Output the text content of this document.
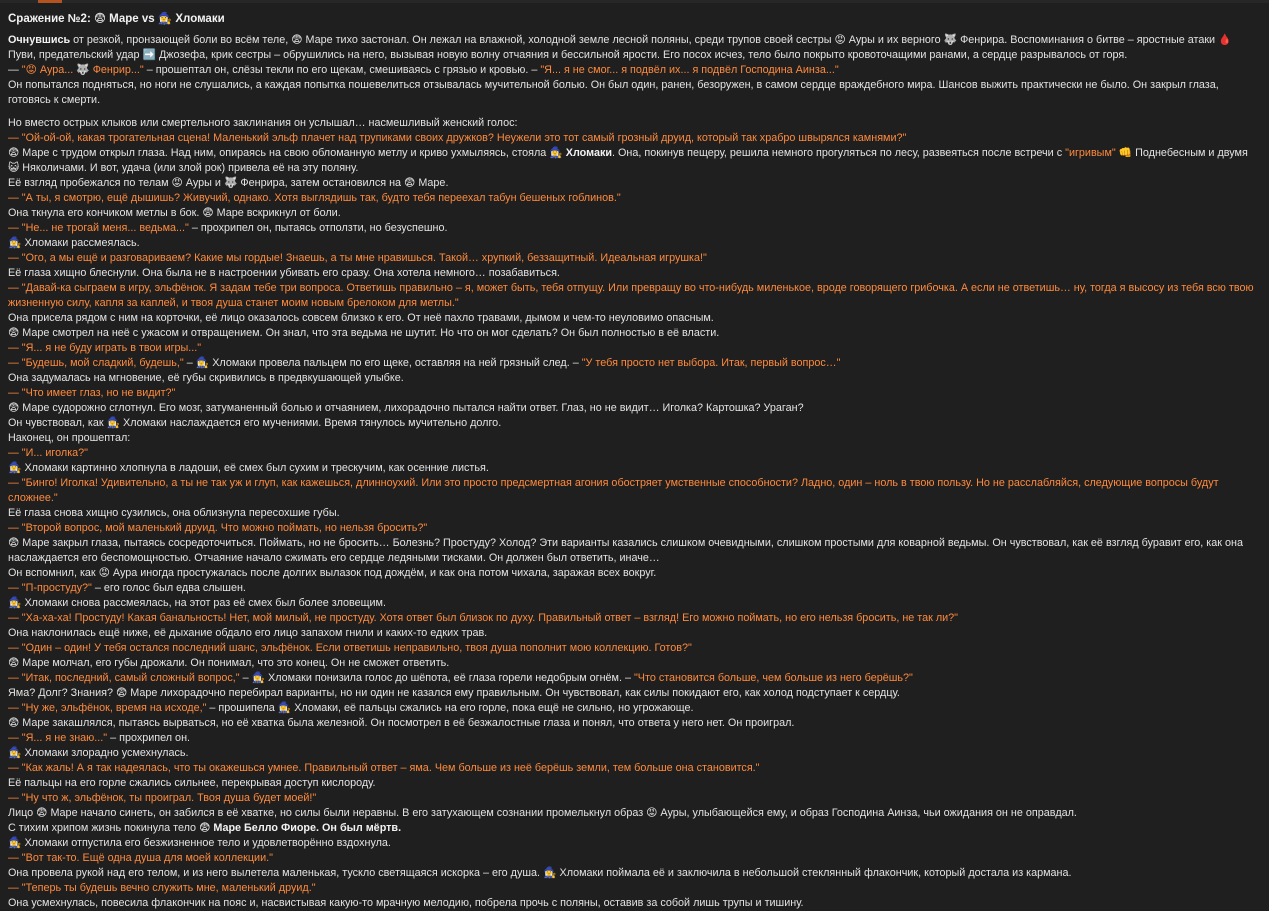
Сражение №2: 😨 Маре vs 🧙‍♀️ Хломаки

Очнувшись от резкой, пронзающей боли во всём теле, 😨 Маре тихо застонал. Он лежал на влажной, холодной земле лесной поляны, среди трупов своей сестры 😡 Ауры и их верного 🐺 Фенрира. Воспоминания о битве – яростные атаки 🩸 Пуви, предательский удар ➡️ Джозефа, крик сестры – обрушились на него, вызывая новую волну отчаяния и бессильной ярости. Его посох исчез, тело было покрыто кровоточащими ранами, а сердце разрывалось от горя.

— "😡 Аура... 🐺 Фенрир..." – прошептал он, слёзы текли по его щекам, смешиваясь с грязью и кровью. – "Я... я не смог... я подвёл их... я подвёл Господина Аинза..."

Он попытался подняться, но ноги не слушались, а каждая попытка пошевелиться отзывалась мучительной болью. Он был один, ранен, безоружен, в самом сердце враждебного мира. Шансов выжить практически не было. Он закрыл глаза, готовясь к смерти.

Но вместо острых клыков или смертельного заклинания он услышал… насмешливый женский голос:

— "Ой-ой-ой, какая трогательная сцена! Маленький эльф плачет над трупиками своих дружков? Неужели это тот самый грозный друид, который так храбро швырялся камнями?"

😨 Маре с трудом открыл глаза. Над ним, опираясь на свою обломанную метлу и криво ухмыляясь, стояла 🧙‍♀️ Хломаки. Она, покинув пещеру, решила немного прогуляться по лесу, развеяться после встречи с "игривым" 👊 Поднебесным и двумя 😺 Няколичами. И вот, удача (или злой рок) привела её на эту поляну.

Её взгляд пробежался по телам 😡 Ауры и 🐺 Фенрира, затем остановился на 😨 Маре.

— "А ты, я смотрю, ещё дышишь? Живучий, однако. Хотя выглядишь так, будто тебя переехал табун бешеных гоблинов."

Она ткнула его кончиком метлы в бок. 😨 Маре вскрикнул от боли.

— "Не... не трогай меня... ведьма..." – прохрипел он, пытаясь отползти, но безуспешно.

🧙‍♀️ Хломаки рассмеялась.

— "Ого, а мы ещё и разговариваем? Какие мы гордые! Знаешь, а ты мне нравишься. Такой… хрупкий, беззащитный. Идеальная игрушка!"

Её глаза хищно блеснули. Она была не в настроении убивать его сразу. Она хотела немного… позабавиться.

— "Давай-ка сыграем в игру, эльфёнок. Я задам тебе три вопроса. Ответишь правильно – я, может быть, тебя отпущу. Или превращу во что-нибудь миленькое, вроде говорящего грибочка. А если не ответишь… ну, тогда я высосу из тебя всю твою жизненную силу, капля за каплей, и твоя душа станет моим новым брелоком для метлы."

Она присела рядом с ним на корточки, её лицо оказалось совсем близко к его. От неё пахло травами, дымом и чем-то неуловимо опасным.

😨 Маре смотрел на неё с ужасом и отвращением. Он знал, что эта ведьма не шутит. Но что он мог сделать? Он был полностью в её власти.

— "Я... я не буду играть в твои игры..."

— "Будешь, мой сладкий, будешь," – 🧙‍♀️ Хломаки провела пальцем по его щеке, оставляя на ней грязный след. – "У тебя просто нет выбора. Итак, первый вопрос…"

Она задумалась на мгновение, её губы скривились в предвкушающей улыбке.

— "Что имеет глаз, но не видит?"

😨 Маре судорожно сглотнул. Его мозг, затуманенный болью и отчаянием, лихорадочно пытался найти ответ. Глаз, но не видит… Иголка? Картошка? Ураган?

Он чувствовал, как 🧙‍♀️ Хломаки наслаждается его мучениями. Время тянулось мучительно долго.

Наконец, он прошептал:

— "И... иголка?"

🧙‍♀️ Хломаки картинно хлопнула в ладоши, её смех был сухим и трескучим, как осенние листья.

— "Бинго! Иголка! Удивительно, а ты не так уж и глуп, как кажешься, длинноухий. Или это просто предсмертная агония обостряет умственные способности? Ладно, один – ноль в твою пользу. Но не расслабляйся, следующие вопросы будут сложнее."

Её глаза снова хищно сузились, она облизнула пересохшие губы.

— "Второй вопрос, мой маленький друид. Что можно поймать, но нельзя бросить?"

😨 Маре закрыл глаза, пытаясь сосредоточиться. Поймать, но не бросить… Болезнь? Простуду? Холод? Эти варианты казались слишком очевидными, слишком простыми для коварной ведьмы. Он чувствовал, как её взгляд буравит его, как она наслаждается его беспомощностью. Отчаяние начало сжимать его сердце ледяными тисками. Он должен был ответить, иначе…

Он вспомнил, как 😡 Аура иногда простужалась после долгих вылазок под дождём, и как она потом чихала, заражая всех вокруг.

— "П-простуду?" – его голос был едва слышен.

🧙‍♀️ Хломаки снова рассмеялась, на этот раз её смех был более зловещим.

— "Ха-ха-ха! Простуду! Какая банальность! Нет, мой милый, не простуду. Хотя ответ был близок по духу. Правильный ответ – взгляд! Его можно поймать, но его нельзя бросить, не так ли?"

Она наклонилась ещё ниже, её дыхание обдало его лицо запахом гнили и каких-то едких трав.

— "Один – один! У тебя остался последний шанс, эльфёнок. Если ответишь неправильно, твоя душа пополнит мою коллекцию. Готов?"

😨 Маре молчал, его губы дрожали. Он понимал, что это конец. Он не сможет ответить.

— "Итак, последний, самый сложный вопрос," – 🧙‍♀️ Хломаки понизила голос до шёпота, её глаза горели недобрым огнём. – "Что становится больше, чем больше из него берёшь?"

Яма? Долг? Знания? 😨 Маре лихорадочно перебирал варианты, но ни один не казался ему правильным. Он чувствовал, как силы покидают его, как холод подступает к сердцу.

— "Ну же, эльфёнок, время на исходе," – прошипела 🧙‍♀️ Хломаки, её пальцы сжались на его горле, пока ещё не сильно, но угрожающе.

😨 Маре закашлялся, пытаясь вырваться, но её хватка была железной. Он посмотрел в её безжалостные глаза и понял, что ответа у него нет. Он проиграл.

— "Я... я не знаю..." – прохрипел он.

🧙‍♀️ Хломаки злорадно усмехнулась.

— "Как жаль! А я так надеялась, что ты окажешься умнее. Правильный ответ – яма. Чем больше из неё берёшь земли, тем больше она становится."

Её пальцы на его горле сжались сильнее, перекрывая доступ кислороду.

— "Ну что ж, эльфёнок, ты проиграл. Твоя душа будет моей!"

Лицо 😨 Маре начало синеть, он забился в её хватке, но силы были неравны. В его затухающем сознании промелькнул образ 😡 Ауры, улыбающейся ему, и образ Господина Аинза, чьи ожидания он не оправдал.

С тихим хрипом жизнь покинула тело 😨 Маре Белло Фиоре. Он был мёртв.

🧙‍♀️ Хломаки отпустила его безжизненное тело и удовлетворённо вздохнула.

— "Вот так-то. Ещё одна душа для моей коллекции."

Она провела рукой над его телом, и из него вылетела маленькая, тускло светящаяся искорка – его душа. 🧙‍♀️ Хломаки поймала её и заключила в небольшой стеклянный флакончик, который достала из кармана.

— "Теперь ты будешь вечно служить мне, маленький друид."

Она усмехнулась, повесила флакончик на пояс и, насвистывая какую-то мрачную мелодию, побрела прочь с поляны, оставив за собой лишь трупы и тишину.
